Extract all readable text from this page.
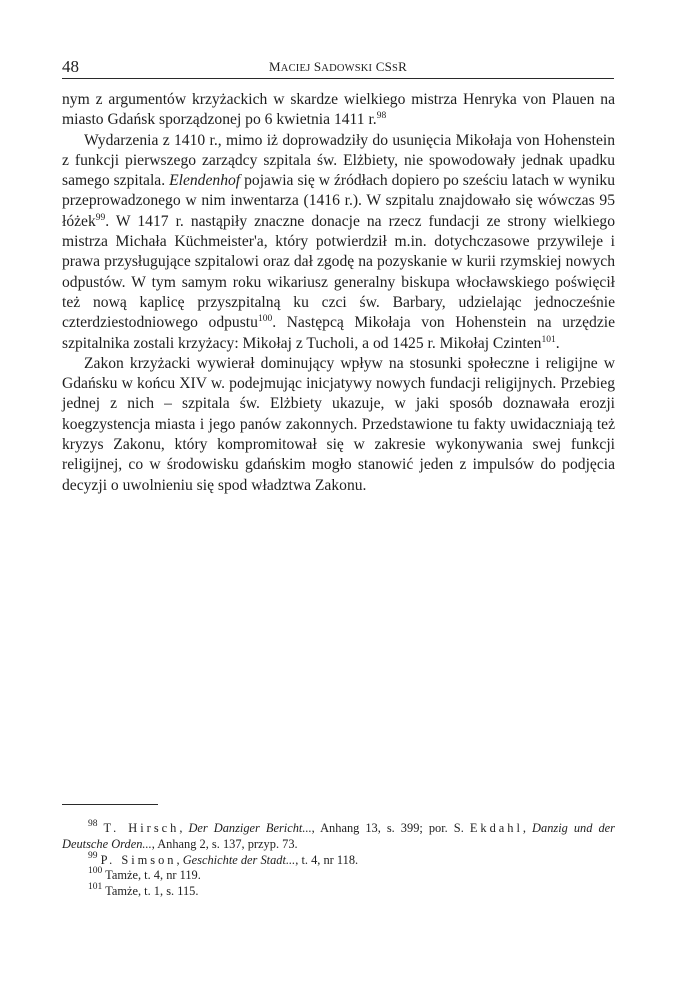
48	MACIEJ SADOWSKI CSSR

nym z argumentów krzyżackich w skardze wielkiego mistrza Henryka von Plauen na miasto Gdańsk sporządzonej po 6 kwietnia 1411 r.$^{98}$

Wydarzenia z 1410 r., mimo iż doprowadziły do usunięcia Mikołaja von Hohenstein z funkcji pierwszego zarządcy szpitala św. Elżbiety, nie spowodowały jednak upadku samego szpitala. Elendenhof pojawia się w źródłach dopiero po sześciu latach w wyniku przeprowadzonego w nim inwentarza (1416 r.). W szpitalu znajdowało się wówczas 95 łóżek$^{99}$. W 1417 r. nastąpiły znaczne donacje na rzecz fundacji ze strony wielkiego mistrza Michała Küchmeister'a, który potwierdził m.in. dotychczasowe przywileje i prawa przysługujące szpitalowi oraz dał zgodę na pozyskanie w kurii rzymskiej nowych odpustów. W tym samym roku wikariusz generalny biskupa włocławskiego poświęcił też nową kaplicę przyszpitalną ku czci św. Barbary, udzielając jednocześnie czterdziestodniowego odpustu$^{100}$. Następcą Mikołaja von Hohenstein na urzędzie szpitalnika zostali krzyżacy: Mikołaj z Tucholi, a od 1425 r. Mikołaj Czinten$^{101}$.

Zakon krzyżacki wywierał dominujący wpływ na stosunki społeczne i religijne w Gdańsku w końcu XIV w. podejmując inicjatywy nowych fundacji religijnych. Przebieg jednej z nich – szpitala św. Elżbiety ukazuje, w jaki sposób doznawała erozji koegzystencja miasta i jego panów zakonnych. Przedstawione tu fakty uwidaczniają też kryzys Zakonu, który kompromitował się w zakresie wykonywania swej funkcji religijnej, co w środowisku gdańskim mogło stanowić jeden z impulsów do podjęcia decyzji o uwolnieniu się spod władztwa Zakonu.

$^{98}$ T. Hirsch, Der Danziger Bericht..., Anhang 13, s. 399; por. S. Ekdahl, Danzig und der Deutsche Orden..., Anhang 2, s. 137, przyp. 73.

$^{99}$ P. Simson, Geschichte der Stadt..., t. 4, nr 118.

$^{100}$ Tamże, t. 4, nr 119.

$^{101}$ Tamże, t. 1, s. 115.
